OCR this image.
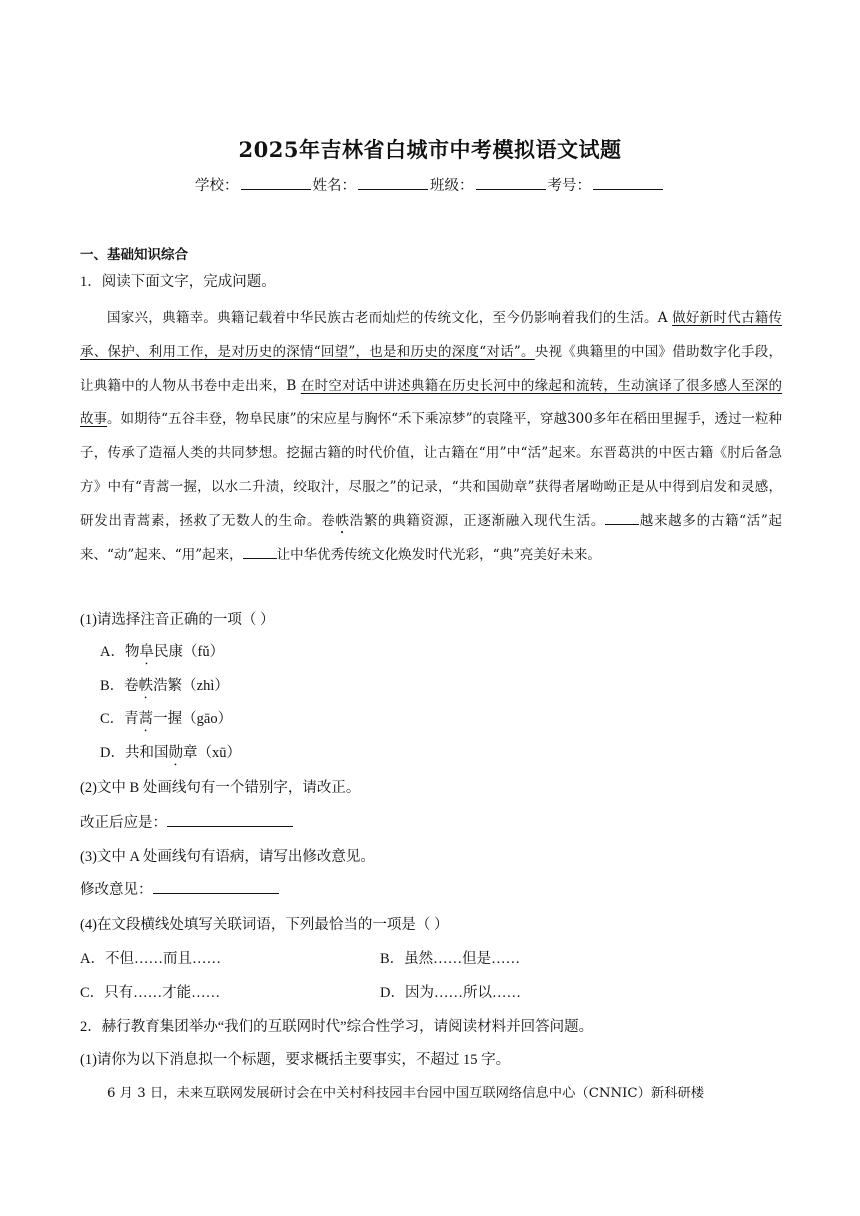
2025年吉林省白城市中考模拟语文试题
学校：	姓名：	班级：	考号：
一、基础知识综合
1．阅读下面文字，完成问题。

国家兴，典籍幸。典籍记载着中华民族古老而灿烂的传统文化，至今仍影响着我们的生活。A 做好新时代古籍传承、保护、利用工作，是对历史的深情“回望”，也是和历史的深度“对话”。央视《典籍里的中国》借助数字化手段，让典籍中的人物从书卷中走出来，B 在时空对话中讲述典籍在历史长河中的缘起和流转，生动演译了很多感人至深的故事。如期待“五谷丰登，物阜民康”的宋应星与胸怀“禾下乘凉梦”的袁隆平，穿越300多年在稻田里握手，透过一粒种子，传承了造福人类的共同梦想。挖掘古籍的时代价值，让古籍在“用”中“活”起来。东晋葛洪的中医古籍《肘后备急方》中有“青蒿一握，以水二升渍，绞取汁，尽服之”的记录，“共和国勋章”获得者屠呦呦正是从中得到启发和灵感，研发出青蒿素，拯救了无数人的生命。卷帙浩繁的典籍资源，正逐渐融入现代生活。	越来越多的古籍“活”起来、“动”起来、“用”起来，	让中华优秀传统文化焕发时代光彩，“典”亮美好未来。

(1)请选择注音正确的一项（ ）
A．物阜民康（fǔ）
B．卷帙浩繁（zhì）
C．青蒿一握（gāo）
D．共和国勋章（xū）
(2)文中 B 处画线句有一个错别字，请改正。
改正后应是：
(3)文中 A 处画线句有语病，请写出修改意见。
修改意见：
(4)在文段横线处填写关联词语，下列最恰当的一项是（ ）
A．不但……而且……	B．虽然……但是……
C．只有……才能……	D．因为……所以……
2．赫行教育集团举办“我们的互联网时代”综合性学习，请阅读材料并回答问题。
(1)请你为以下消息拟一个标题，要求概括主要事实，不超过 15 字。
6 月 3 日，未来互联网发展研讨会在中关村科技园丰台园中国互联网络信息中心（CNNIC）新科研楼
